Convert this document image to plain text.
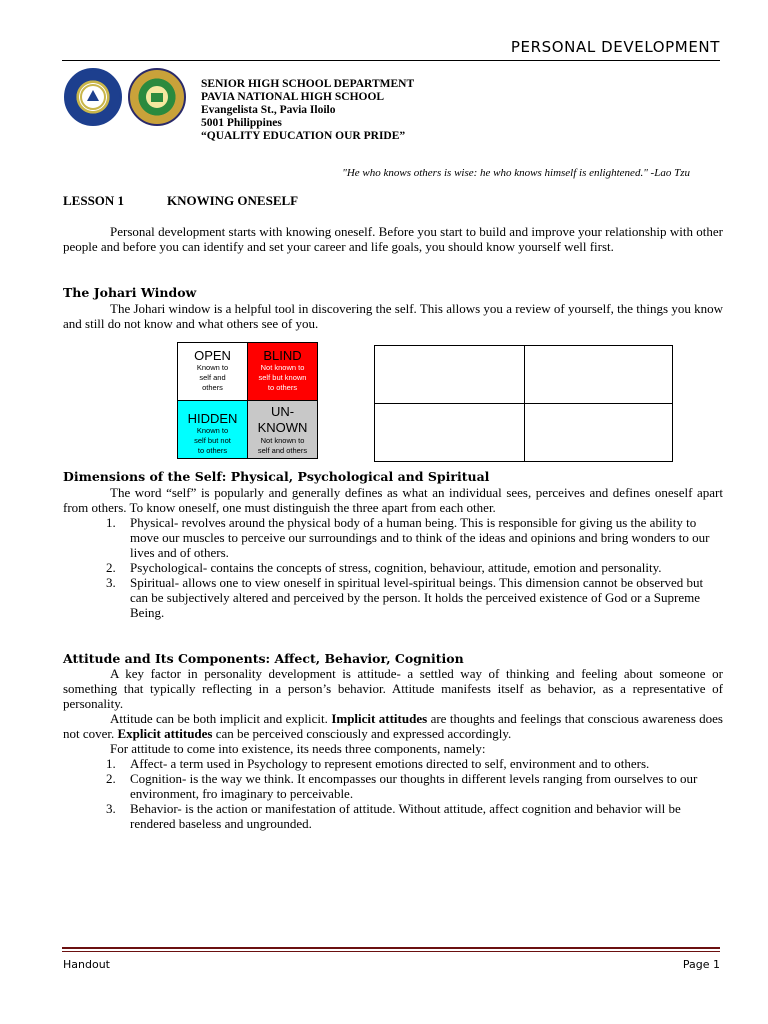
PERSONAL DEVELOPMENT
SENIOR HIGH SCHOOL DEPARTMENT
PAVIA NATIONAL HIGH SCHOOL
Evangelista St., Pavia Iloilo
5001 Philippines
“QUALITY EDUCATION OUR PRIDE”
"He who knows others is wise: he who knows himself is enlightened." -Lao Tzu
LESSON 1	KNOWING ONESELF
Personal development starts with knowing oneself. Before you start to build and improve your relationship with other people and before you can identify and set your career and life goals, you should know yourself well first.
The Johari Window
The Johari window is a helpful tool in discovering the self. This allows you a review of yourself, the things you know and still do not know and what others see of you.
OPEN
Known to
self and
others
BLIND
Not known to
self but known
to others
HIDDEN
Known to
self but not
to others
UN-
KNOWN
Not known to
self and others
Dimensions of the Self: Physical, Psychological and Spiritual
The word “self” is popularly and generally defines as what an individual sees, perceives and defines oneself apart from others. To know oneself, one must distinguish the three apart from each other.
1. Physical- revolves around the physical body of a human being. This is responsible for giving us the ability to move our muscles to perceive our surroundings and to think of the ideas and opinions and bring wonders to our lives and of others.
2. Psychological- contains the concepts of stress, cognition, behaviour, attitude, emotion and personality.
3. Spiritual- allows one to view oneself in spiritual level-spiritual beings. This dimension cannot be observed but can be subjectively altered and perceived by the person. It holds the perceived existence of God or a Supreme Being.
Attitude and Its Components: Affect, Behavior, Cognition
A key factor in personality development is attitude- a settled way of thinking and feeling about someone or something that typically reflecting in a person’s behavior. Attitude manifests itself as behavior, as a representative of personality.
Attitude can be both implicit and explicit. Implicit attitudes are thoughts and feelings that conscious awareness does not cover. Explicit attitudes can be perceived consciously and expressed accordingly.
For attitude to come into existence, its needs three components, namely:
1. Affect- a term used in Psychology to represent emotions directed to self, environment and to others.
2. Cognition- is the way we think. It encompasses our thoughts in different levels ranging from ourselves to our environment, fro imaginary to perceivable.
3. Behavior- is the action or manifestation of attitude. Without attitude, affect cognition and behavior will be rendered baseless and ungrounded.
Handout	Page 1
